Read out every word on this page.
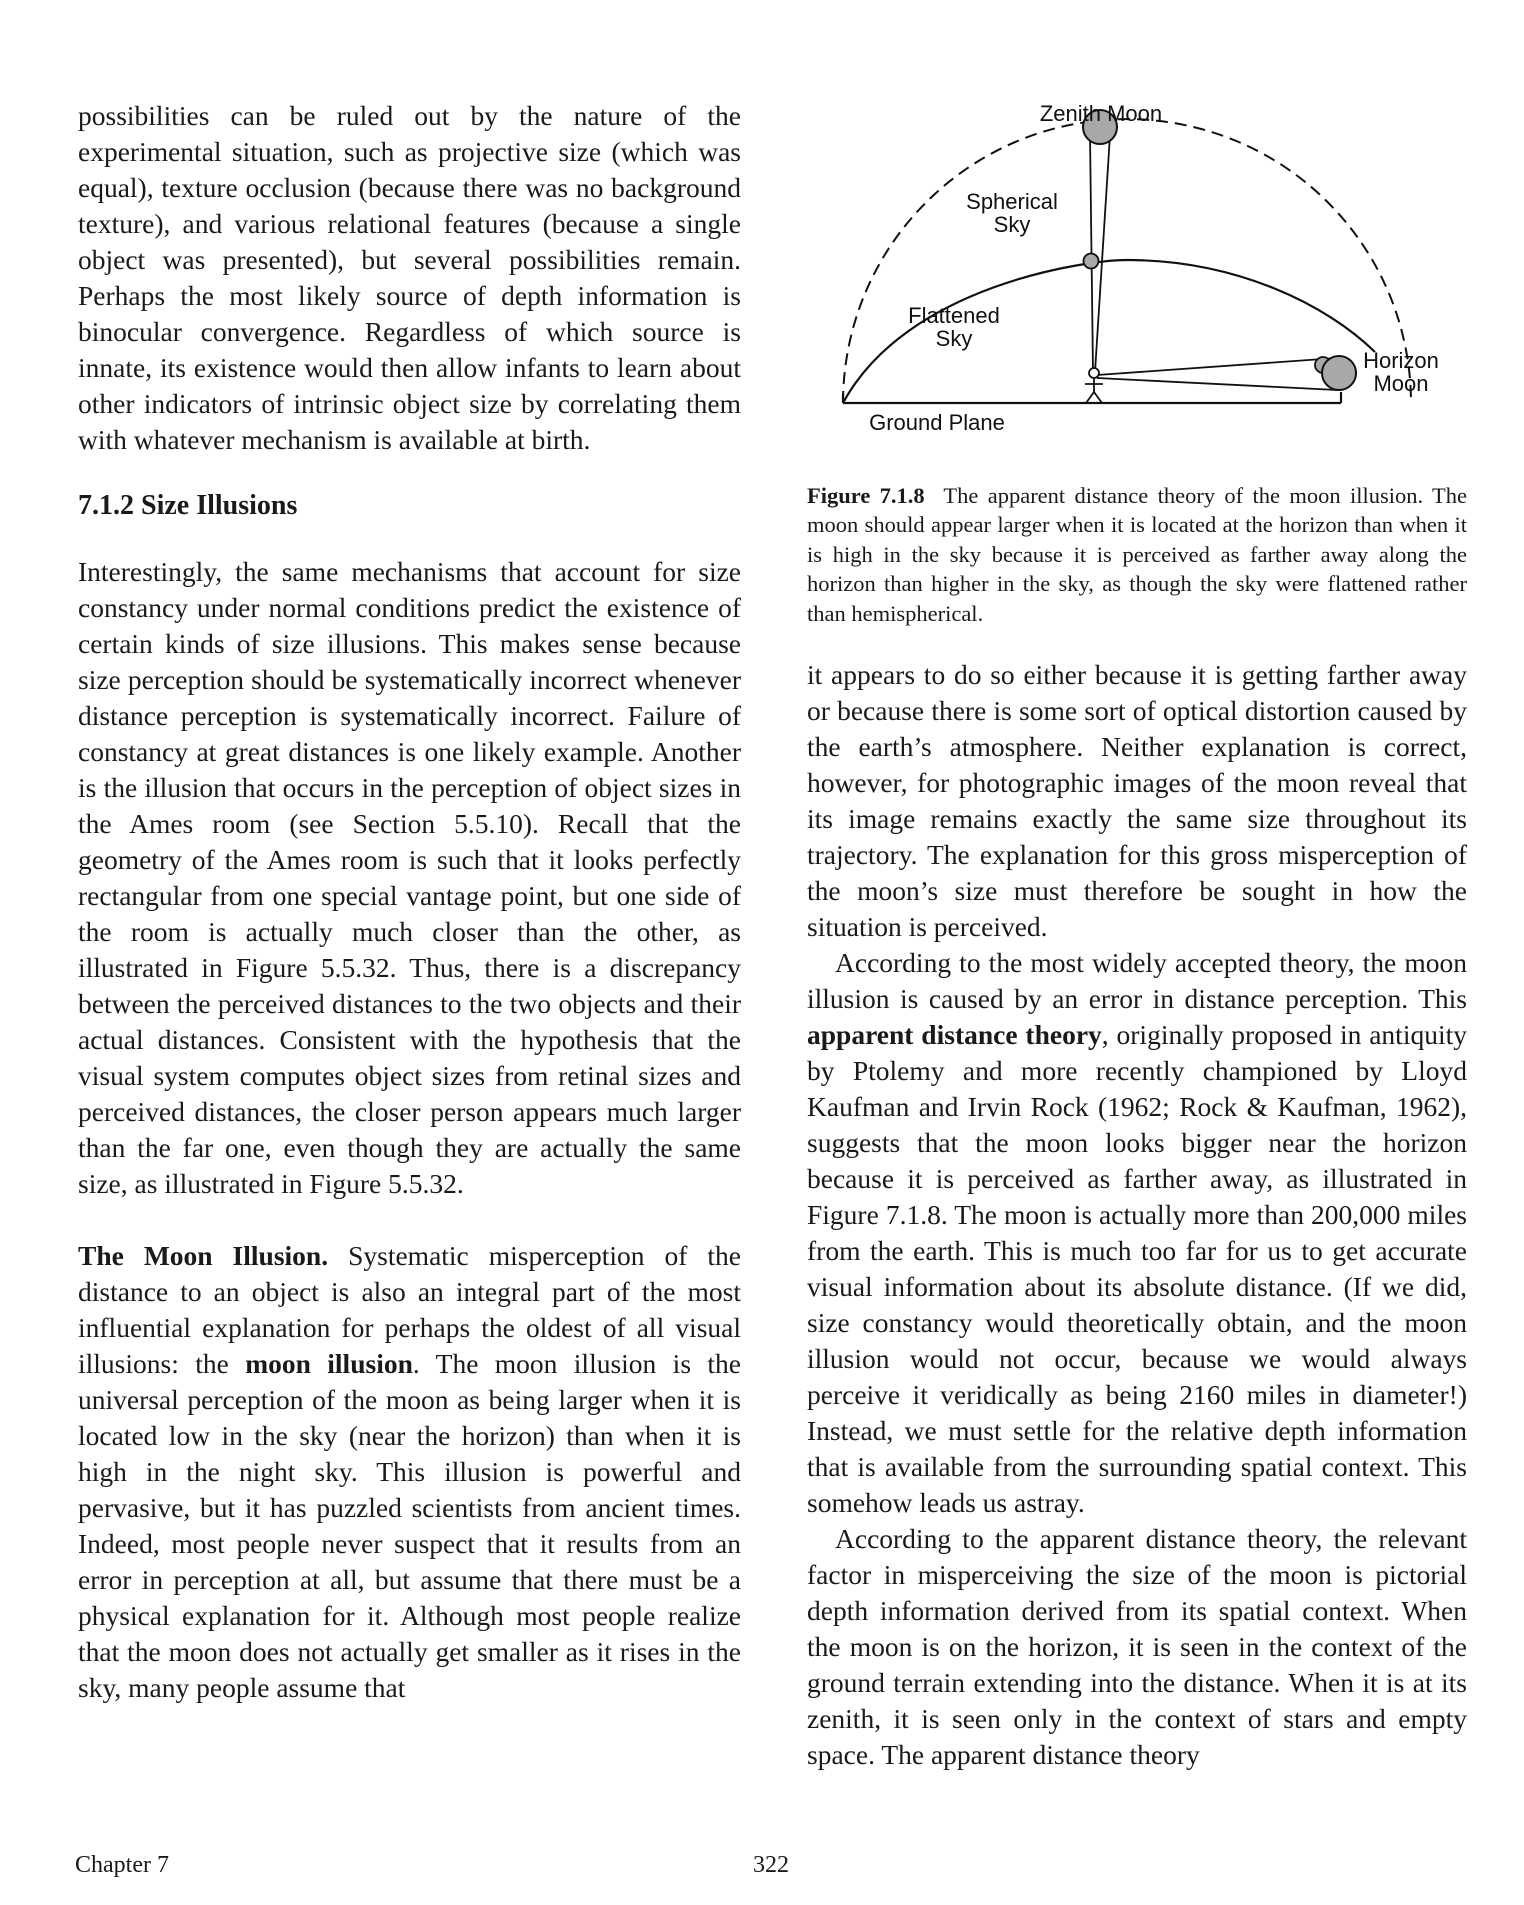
possibilities can be ruled out by the nature of the experimental situation, such as projective size (which was equal), texture occlusion (because there was no background texture), and various relational features (because a single object was presented), but several possibilities remain. Perhaps the most likely source of depth information is binocular convergence. Regardless of which source is innate, its existence would then allow infants to learn about other indicators of intrinsic object size by correlating them with whatever mechanism is available at birth.

7.1.2 Size Illusions

Interestingly, the same mechanisms that account for size constancy under normal conditions predict the existence of certain kinds of size illusions. This makes sense because size perception should be systematically incorrect whenever distance perception is systematically incorrect. Failure of constancy at great distances is one likely example. Another is the illusion that occurs in the perception of object sizes in the Ames room (see Section 5.5.10). Recall that the geometry of the Ames room is such that it looks perfectly rectangular from one special vantage point, but one side of the room is actually much closer than the other, as illustrated in Figure 5.5.32. Thus, there is a discrepancy between the perceived distances to the two objects and their actual distances. Consistent with the hypothesis that the visual system computes object sizes from retinal sizes and perceived distances, the closer person appears much larger than the far one, even though they are actually the same size, as illustrated in Figure 5.5.32.

The Moon Illusion. Systematic misperception of the distance to an object is also an integral part of the most influential explanation for perhaps the oldest of all visual illusions: the moon illusion. The moon illusion is the universal perception of the moon as being larger when it is located low in the sky (near the horizon) than when it is high in the night sky. This illusion is powerful and pervasive, but it has puzzled scientists from ancient times. Indeed, most people never suspect that it results from an error in perception at all, but assume that there must be a physical explanation for it. Although most people realize that the moon does not actually get smaller as it rises in the sky, many people assume that

Zenith Moon
Spherical
Sky
Flattened
Sky
Horizon
Moon
Ground Plane

Figure 7.1.8 The apparent distance theory of the moon illusion. The moon should appear larger when it is located at the horizon than when it is high in the sky because it is perceived as farther away along the horizon than higher in the sky, as though the sky were flattened rather than hemispherical.

it appears to do so either because it is getting farther away or because there is some sort of optical distortion caused by the earth’s atmosphere. Neither explanation is correct, however, for photographic images of the moon reveal that its image remains exactly the same size throughout its trajectory. The explanation for this gross misperception of the moon’s size must therefore be sought in how the situation is perceived.

According to the most widely accepted theory, the moon illusion is caused by an error in distance perception. This apparent distance theory, originally proposed in antiquity by Ptolemy and more recently championed by Lloyd Kaufman and Irvin Rock (1962; Rock & Kaufman, 1962), suggests that the moon looks bigger near the horizon because it is perceived as farther away, as illustrated in Figure 7.1.8. The moon is actually more than 200,000 miles from the earth. This is much too far for us to get accurate visual information about its absolute distance. (If we did, size constancy would theoretically obtain, and the moon illusion would not occur, because we would always perceive it veridically as being 2160 miles in diameter!) Instead, we must settle for the relative depth information that is available from the surrounding spatial context. This somehow leads us astray.

According to the apparent distance theory, the relevant factor in misperceiving the size of the moon is pictorial depth information derived from its spatial context. When the moon is on the horizon, it is seen in the context of the ground terrain extending into the distance. When it is at its zenith, it is seen only in the context of stars and empty space. The apparent distance theory

Chapter 7	322
